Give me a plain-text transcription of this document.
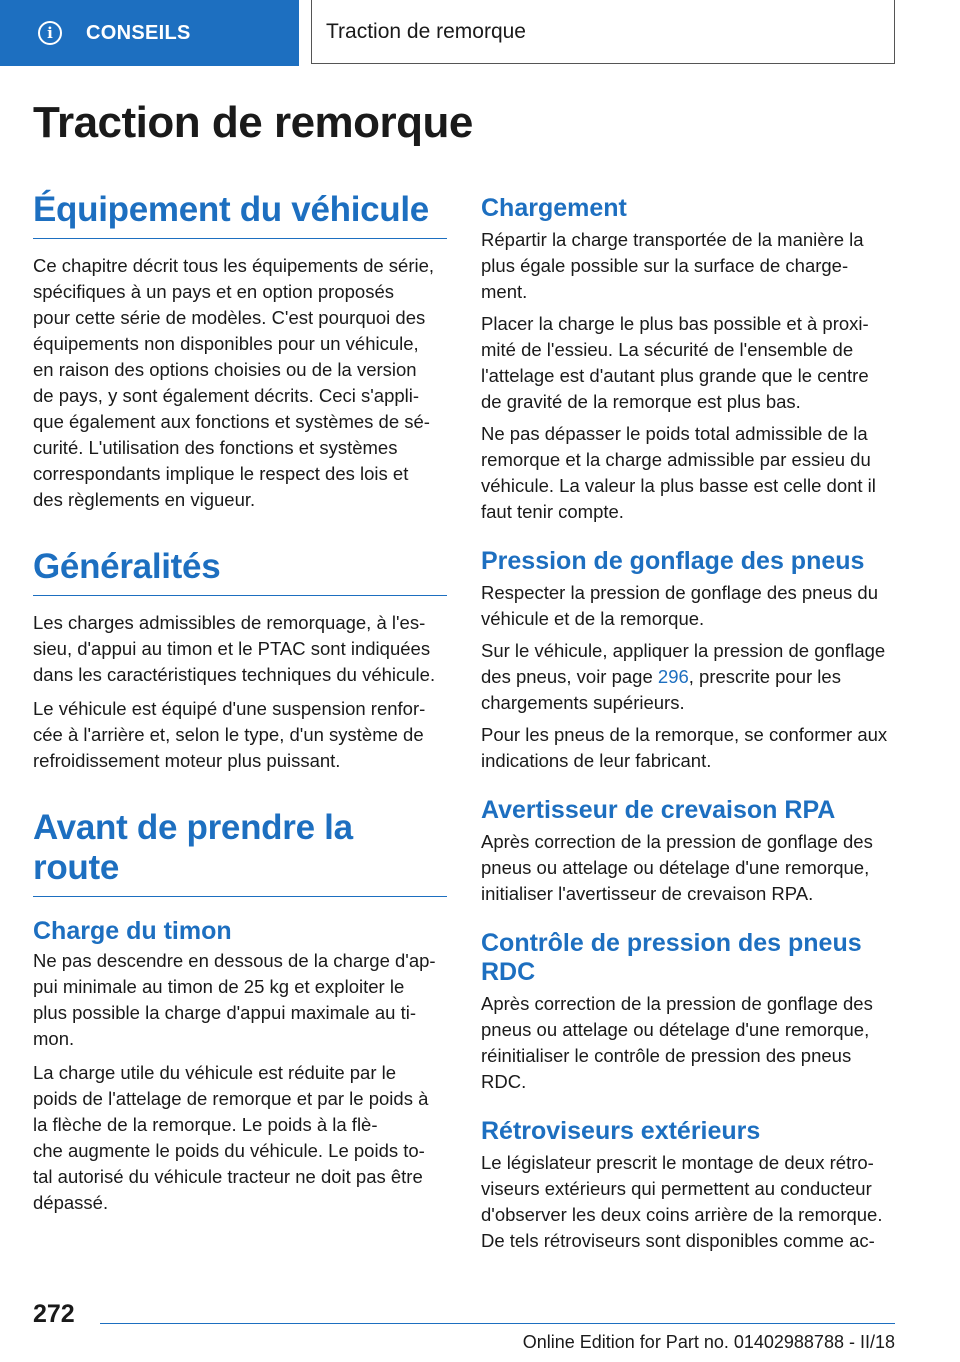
i CONSEILS	Traction de remorque
Traction de remorque
Équipement du véhicule

Ce chapitre décrit tous les équipements de série,
spécifiques à un pays et en option proposés
pour cette série de modèles. C'est pourquoi des
équipements non disponibles pour un véhicule,
en raison des options choisies ou de la version
de pays, y sont également décrits. Ceci s'appli‐
que également aux fonctions et systèmes de sé‐
curité. L'utilisation des fonctions et systèmes
correspondants implique le respect des lois et
des règlements en vigueur.

Généralités

Les charges admissibles de remorquage, à l'es‐
sieu, d'appui au timon et le PTAC sont indiquées
dans les caractéristiques techniques du véhicule.

Le véhicule est équipé d'une suspension renfor‐
cée à l'arrière et, selon le type, d'un système de
refroidissement moteur plus puissant.

Avant de prendre la route
Charge du timon

Ne pas descendre en dessous de la charge d'ap‐
pui minimale au timon de 25 kg et exploiter le
plus possible la charge d'appui maximale au ti‐
mon.

La charge utile du véhicule est réduite par le
poids de l'attelage de remorque et par le poids à
la flèche de la remorque. Le poids à la flè‐
che augmente le poids du véhicule. Le poids to‐
tal autorisé du véhicule tracteur ne doit pas être
dépassé.

Chargement

Répartir la charge transportée de la manière la
plus égale possible sur la surface de charge‐
ment.

Placer la charge le plus bas possible et à proxi‐
mité de l'essieu. La sécurité de l'ensemble de
l'attelage est d'autant plus grande que le centre
de gravité de la remorque est plus bas.

Ne pas dépasser le poids total admissible de la
remorque et la charge admissible par essieu du
véhicule. La valeur la plus basse est celle dont il
faut tenir compte.

Pression de gonflage des pneus

Respecter la pression de gonflage des pneus du
véhicule et de la remorque.

Sur le véhicule, appliquer la pression de gonflage
des pneus, voir page 296, prescrite pour les
chargements supérieurs.

Pour les pneus de la remorque, se conformer aux
indications de leur fabricant.

Avertisseur de crevaison RPA

Après correction de la pression de gonflage des
pneus ou attelage ou dételage d'une remorque,
initialiser l'avertisseur de crevaison RPA.

Contrôle de pression des pneus
RDC

Après correction de la pression de gonflage des
pneus ou attelage ou dételage d'une remorque,
réinitialiser le contrôle de pression des pneus
RDC.

Rétroviseurs extérieurs

Le législateur prescrit le montage de deux rétro‐
viseurs extérieurs qui permettent au conducteur
d'observer les deux coins arrière de la remorque.
De tels rétroviseurs sont disponibles comme ac‐

272
Online Edition for Part no. 01402988788 - II/18
